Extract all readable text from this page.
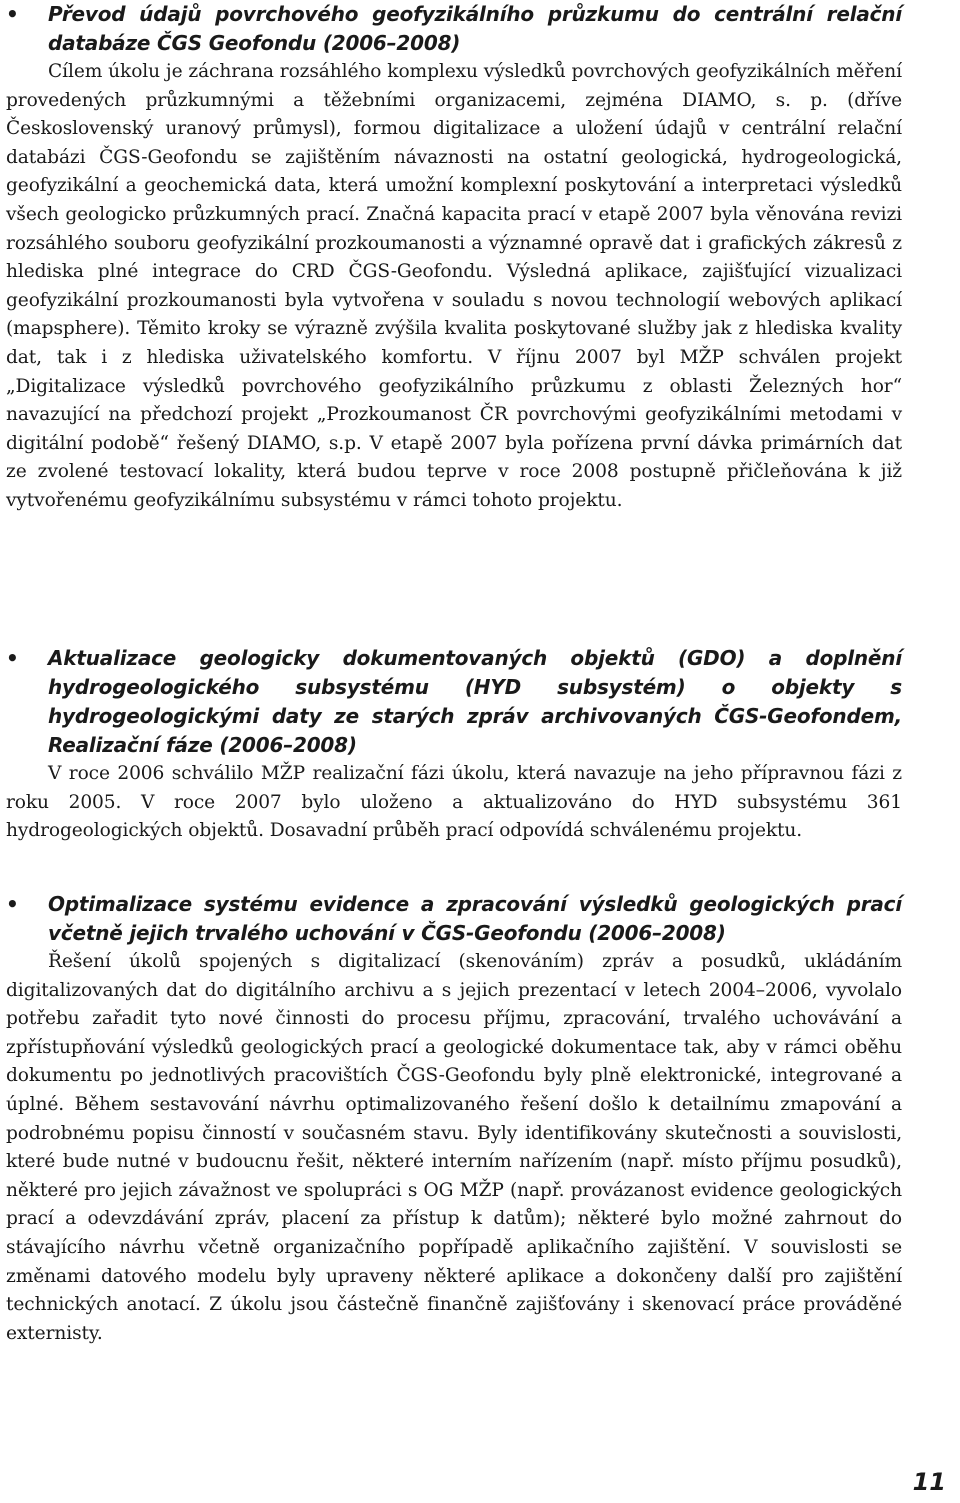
• Převod údajů povrchového geofyzikálního průzkumu do centrální relační databáze ČGS Geofondu (2006–2008)

Cílem úkolu je záchrana rozsáhlého komplexu výsledků povrchových geofyzikálních měření provedených průzkumnými a těžebními organizacemi, zejména DIAMO, s. p. (dříve Československý uranový průmysl), formou digitalizace a uložení údajů v centrální relační databázi ČGS-Geofondu se zajištěním návaznosti na ostatní geologická, hydrogeologická, geofyzikální a geochemická data, která umožní komplexní poskytování a interpretaci výsledků všech geologicko průzkumných prací. Značná kapacita prací v etapě 2007 byla věnována revizi rozsáhlého souboru geofyzikální prozkoumanosti a významné opravě dat i grafických zákresů z hlediska plné integrace do CRD ČGS-Geofondu. Výsledná aplikace, zajišťující vizualizaci geofyzikální prozkoumanosti byla vytvořena v souladu s novou technologií webových aplikací (mapsphere). Těmito kroky se výrazně zvýšila kvalita poskytované služby jak z hlediska kvality dat, tak i z hlediska uživatelského komfortu. V říjnu 2007 byl MŽP schválen projekt „Digitalizace výsledků povrchového geofyzikálního průzkumu z oblasti Železných hor“ navazující na předchozí projekt „Prozkoumanost ČR povrchovými geofyzikálními metodami v digitální podobě“ řešený DIAMO, s.p. V etapě 2007 byla pořízena první dávka primárních dat ze zvolené testovací lokality, která budou teprve v roce 2008 postupně přičleňována k již vytvořenému geofyzikálnímu subsystému v rámci tohoto projektu.

• Aktualizace geologicky dokumentovaných objektů (GDO) a doplnění hydrogeologického subsystému (HYD subsystém) o objekty s hydrogeologickými daty ze starých zpráv archivovaných ČGS-Geofondem, Realizační fáze (2006–2008)

V roce 2006 schválilo MŽP realizační fázi úkolu, která navazuje na jeho přípravnou fázi z roku 2005. V roce 2007 bylo uloženo a aktualizováno do HYD subsystému 361 hydrogeologických objektů. Dosavadní průběh prací odpovídá schválenému projektu.

• Optimalizace systému evidence a zpracování výsledků geologických prací včetně jejich trvalého uchování v ČGS-Geofondu (2006–2008)

Řešení úkolů spojených s digitalizací (skenováním) zpráv a posudků, ukládáním digitalizovaných dat do digitálního archivu a s jejich prezentací v letech 2004–2006, vyvolalo potřebu zařadit tyto nové činnosti do procesu příjmu, zpracování, trvalého uchovávání a zpřístupňování výsledků geologických prací a geologické dokumentace tak, aby v rámci oběhu dokumentu po jednotlivých pracovištích ČGS-Geofondu byly plně elektronické, integrované a úplné. Během sestavování návrhu optimalizovaného řešení došlo k detailnímu zmapování a podrobnému popisu činností v současném stavu. Byly identifikovány skutečnosti a souvislosti, které bude nutné v budoucnu řešit, některé interním nařízením (např. místo příjmu posudků), některé pro jejich závažnost ve spolupráci s OG MŽP (např. provázanost evidence geologických prací a odevzdávání zpráv, placení za přístup k datům); některé bylo možné zahrnout do stávajícího návrhu včetně organizačního popřípadě aplikačního zajištění. V souvislosti se změnami datového modelu byly upraveny některé aplikace a dokončeny další pro zajištění technických anotací. Z úkolu jsou částečně finančně zajišťovány i skenovací práce prováděné externisty.

11
